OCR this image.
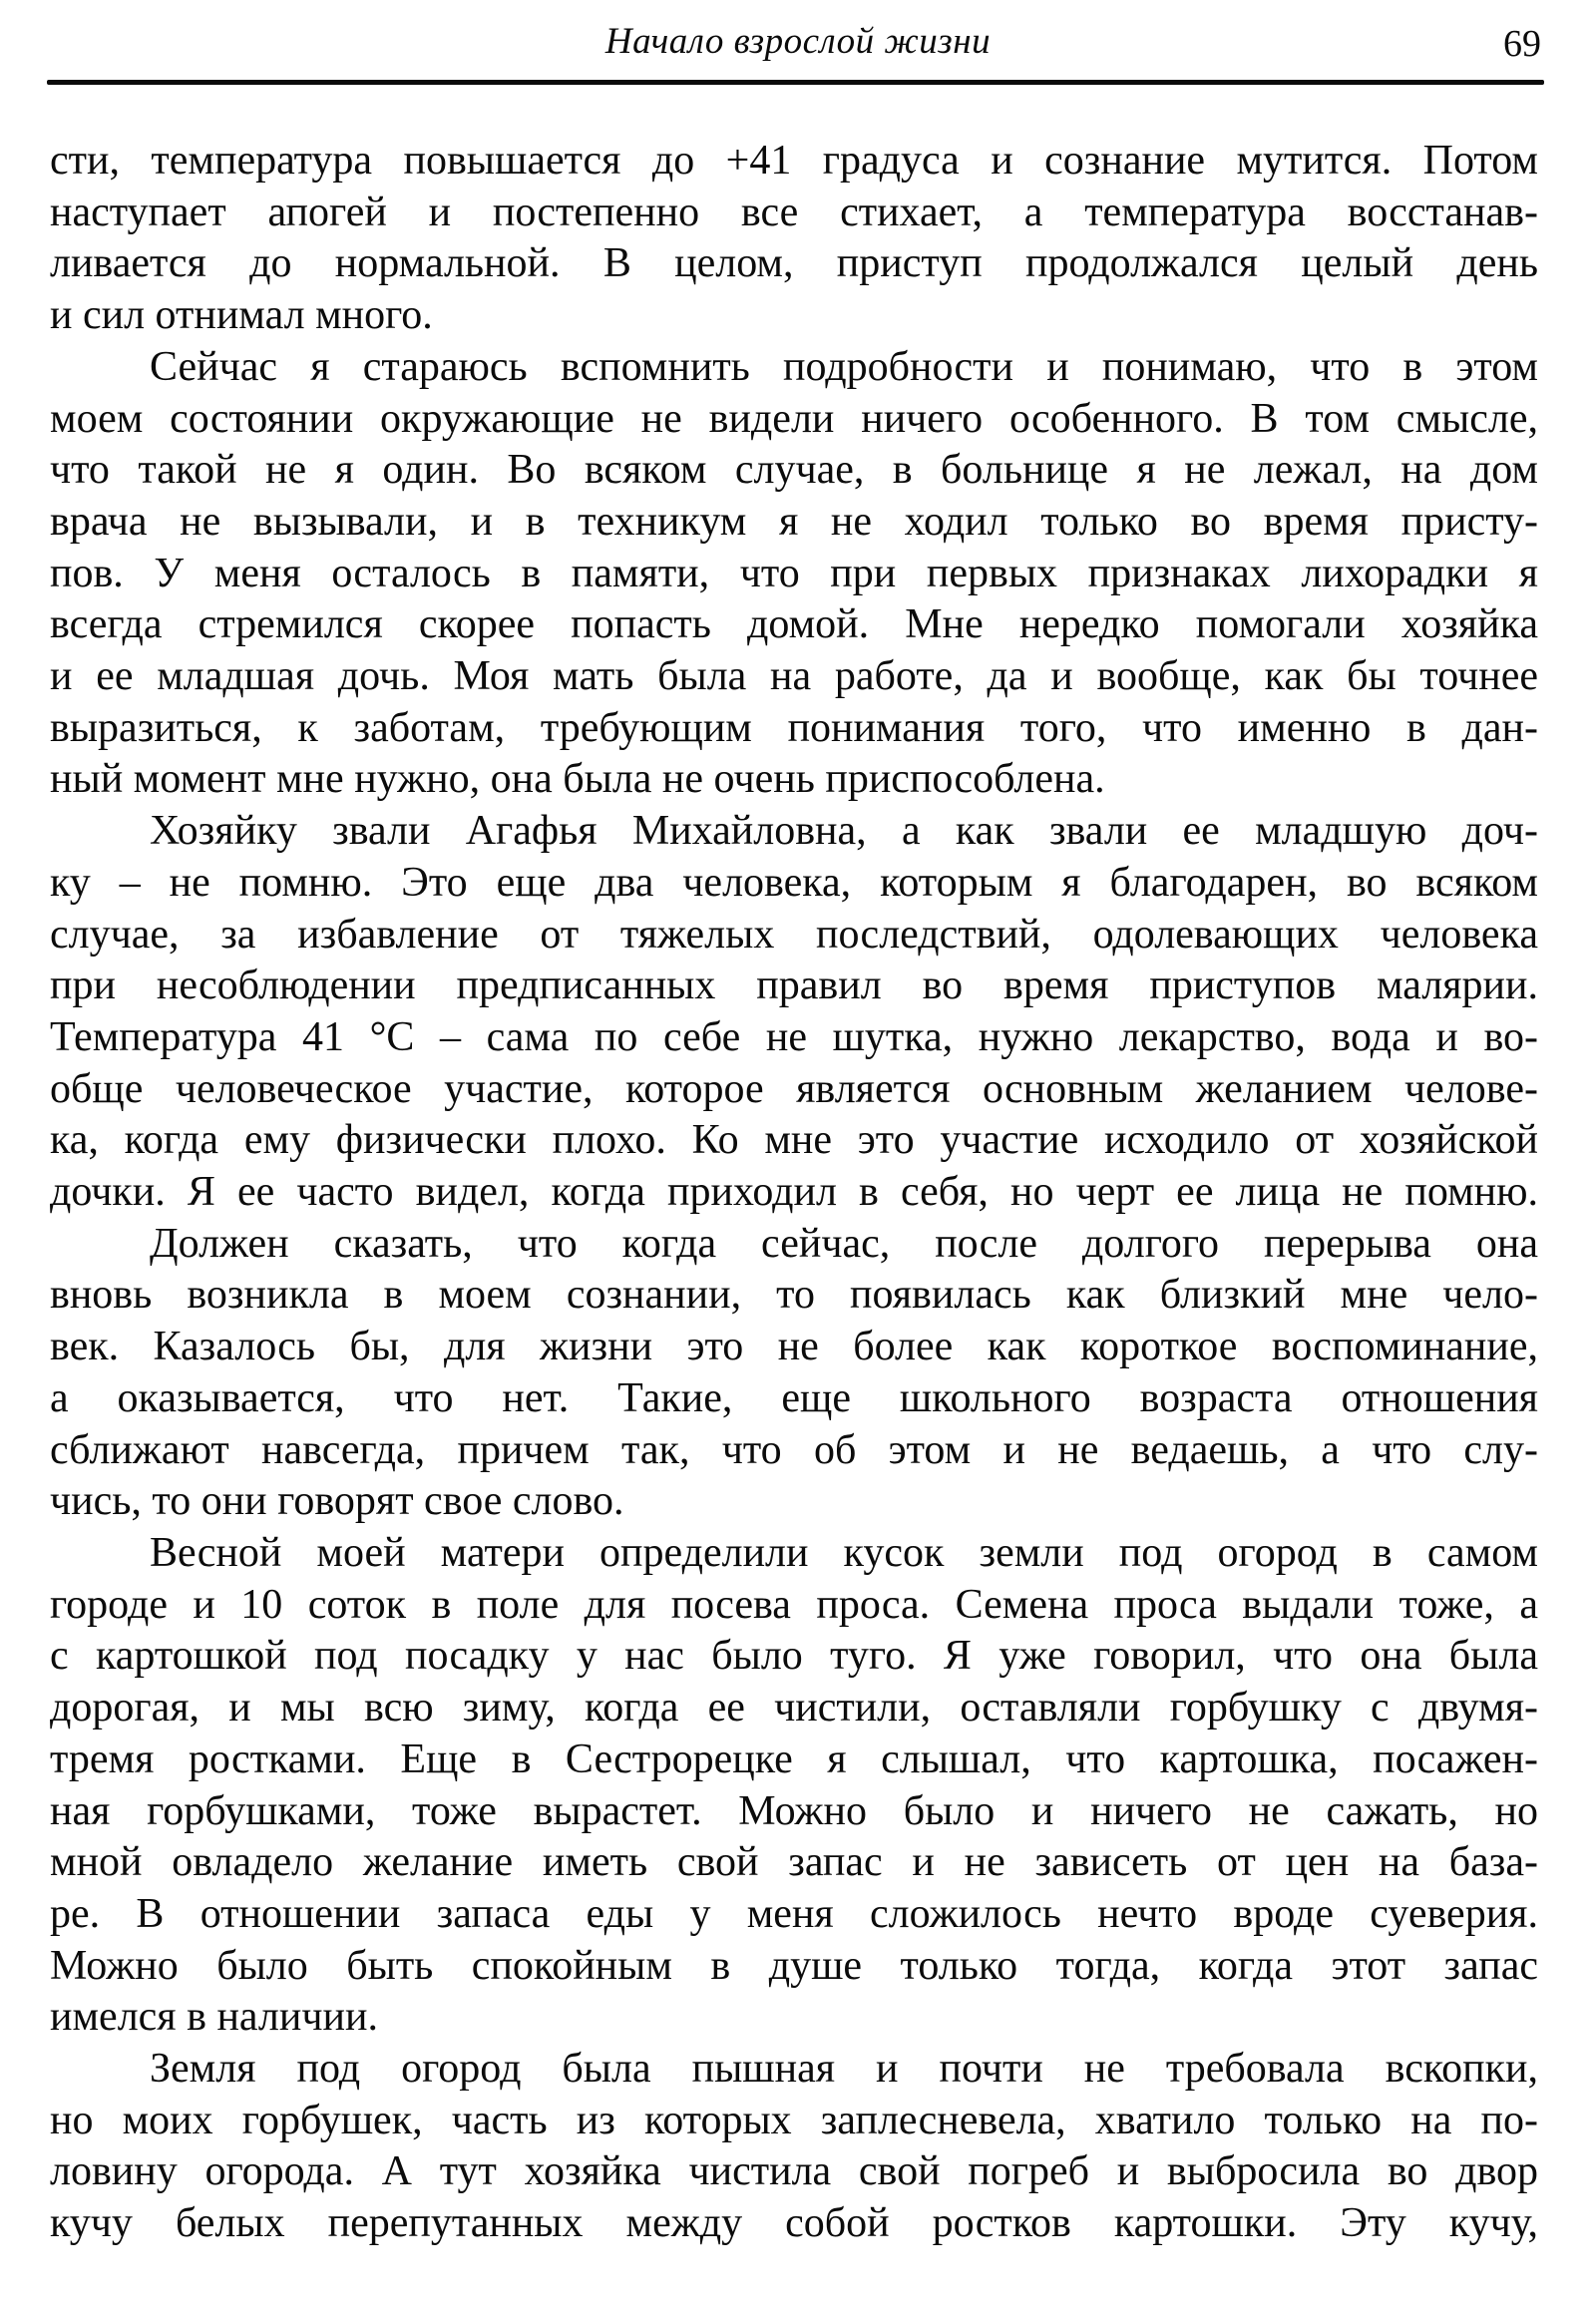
Начало взрослой жизни	69
сти, температура повышается до +41 градуса и сознание мутится. Потом
наступает апогей и постепенно все стихает, а температура восстанав-
ливается до нормальной. В целом, приступ продолжался целый день
и сил отнимал много.
Сейчас я стараюсь вспомнить подробности и понимаю, что в этом
моем состоянии окружающие не видели ничего особенного. В том смысле,
что такой не я один. Во всяком случае, в больнице я не лежал, на дом
врача не вызывали, и в техникум я не ходил только во время присту-
пов. У меня осталось в памяти, что при первых признаках лихорадки я
всегда стремился скорее попасть домой. Мне нередко помогали хозяйка
и ее младшая дочь. Моя мать была на работе, да и вообще, как бы точнее
выразиться, к заботам, требующим понимания того, что именно в дан-
ный момент мне нужно, она была не очень приспособлена.
Хозяйку звали Агафья Михайловна, а как звали ее младшую доч-
ку – не помню. Это еще два человека, которым я благодарен, во всяком
случае, за избавление от тяжелых последствий, одолевающих человека
при несоблюдении предписанных правил во время приступов малярии.
Температура 41 °C – сама по себе не шутка, нужно лекарство, вода и во-
обще человеческое участие, которое является основным желанием челове-
ка, когда ему физически плохо. Ко мне это участие исходило от хозяйской
дочки. Я ее часто видел, когда приходил в себя, но черт ее лица не помню.
Должен сказать, что когда сейчас, после долгого перерыва она
вновь возникла в моем сознании, то появилась как близкий мне чело-
век. Казалось бы, для жизни это не более как короткое воспоминание,
а оказывается, что нет. Такие, еще школьного возраста отношения
сближают навсегда, причем так, что об этом и не ведаешь, а что слу-
чись, то они говорят свое слово.
Весной моей матери определили кусок земли под огород в самом
городе и 10 соток в поле для посева проса. Семена проса выдали тоже, а
с картошкой под посадку у нас было туго. Я уже говорил, что она была
дорогая, и мы всю зиму, когда ее чистили, оставляли горбушку с двумя-
тремя ростками. Еще в Сестрорецке я слышал, что картошка, посажен-
ная горбушками, тоже вырастет. Можно было и ничего не сажать, но
мной овладело желание иметь свой запас и не зависеть от цен на база-
ре. В отношении запаса еды у меня сложилось нечто вроде суеверия.
Можно было быть спокойным в душе только тогда, когда этот запас
имелся в наличии.
Земля под огород была пышная и почти не требовала вскопки,
но моих горбушек, часть из которых заплесневела, хватило только на по-
ловину огорода. А тут хозяйка чистила свой погреб и выбросила во двор
кучу белых перепутанных между собой ростков картошки. Эту кучу,
